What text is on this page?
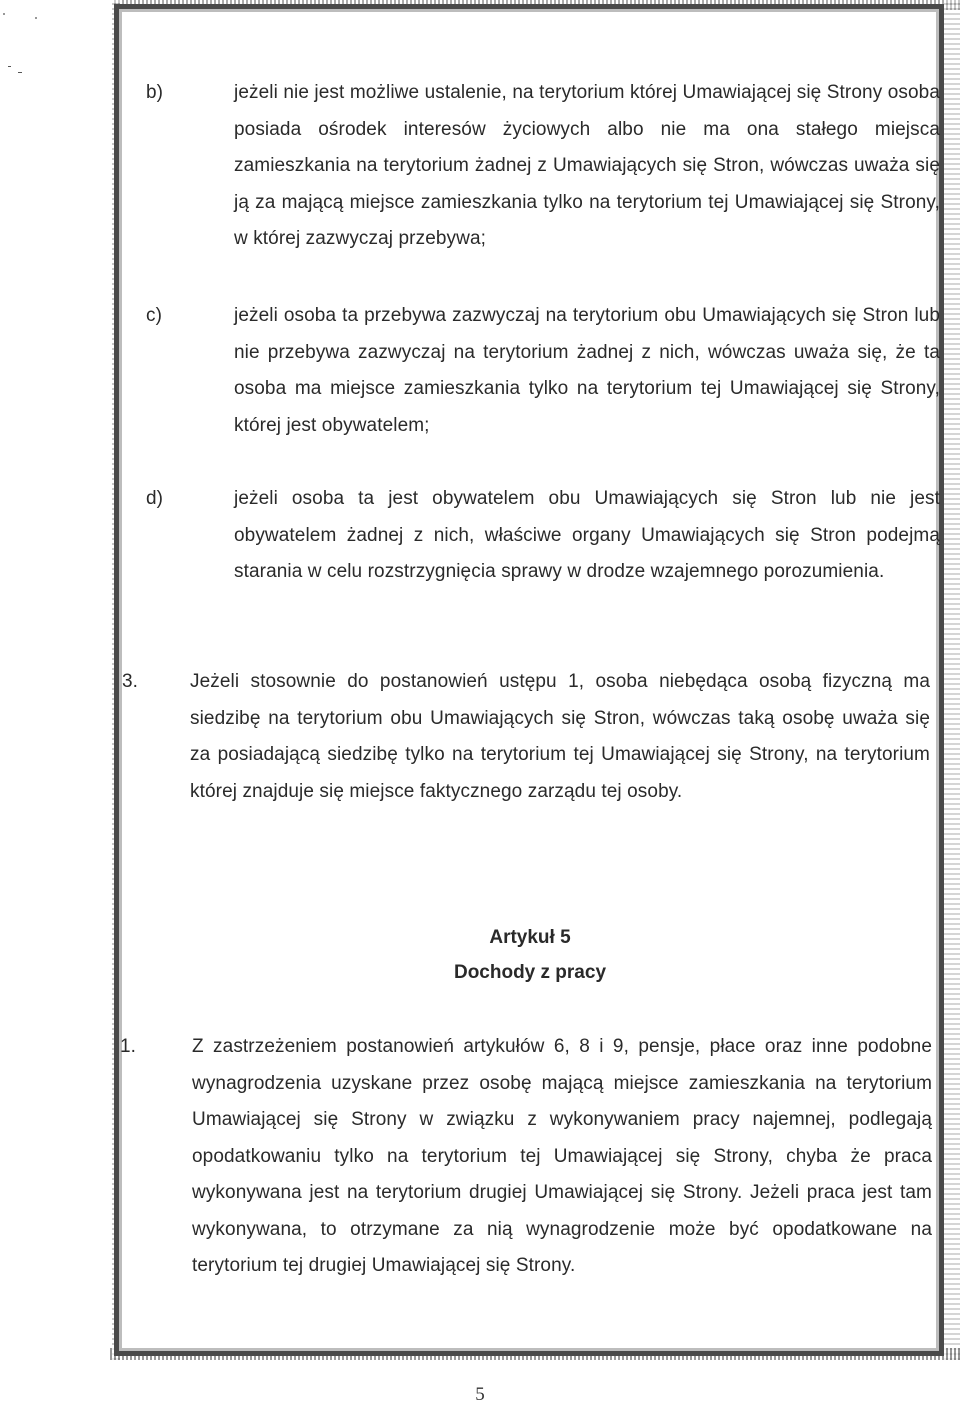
b)	jeżeli nie jest możliwe ustalenie, na terytorium której Umawiającej się Strony osoba posiada ośrodek interesów życiowych albo nie ma ona stałego miejsca zamieszkania na terytorium żadnej z Umawiających się Stron, wówczas uważa się ją za mającą miejsce zamieszkania tylko na terytorium tej Umawiającej się Strony, w której zazwyczaj przebywa;

c)	jeżeli osoba ta przebywa zazwyczaj na terytorium obu Umawiających się Stron lub nie przebywa zazwyczaj na terytorium żadnej z nich, wówczas uważa się, że ta osoba ma miejsce zamieszkania tylko na terytorium tej Umawiającej się Strony, której jest obywatelem;

d)	jeżeli osoba ta jest obywatelem obu Umawiających się Stron lub nie jest obywatelem żadnej z nich, właściwe organy Umawiających się Stron podejmą starania w celu rozstrzygnięcia sprawy w drodze wzajemnego porozumienia.

3.	Jeżeli stosownie do postanowień ustępu 1, osoba niebędąca osobą fizyczną ma siedzibę na terytorium obu Umawiających się Stron, wówczas taką osobę uważa się za posiadającą siedzibę tylko na terytorium tej Umawiającej się Strony, na terytorium której znajduje się miejsce faktycznego zarządu tej osoby.

Artykuł 5

Dochody z pracy

1.	Z zastrzeżeniem postanowień artykułów 6, 8 i 9, pensje, płace oraz inne podobne wynagrodzenia uzyskane przez osobę mającą miejsce zamieszkania na terytorium Umawiającej się Strony w związku z wykonywaniem pracy najemnej, podlegają opodatkowaniu tylko na terytorium tej Umawiającej się Strony, chyba że praca wykonywana jest na terytorium drugiej Umawiającej się Strony. Jeżeli praca jest tam wykonywana, to otrzymane za nią wynagrodzenie może być opodatkowane na terytorium tej drugiej Umawiającej się Strony.

5
